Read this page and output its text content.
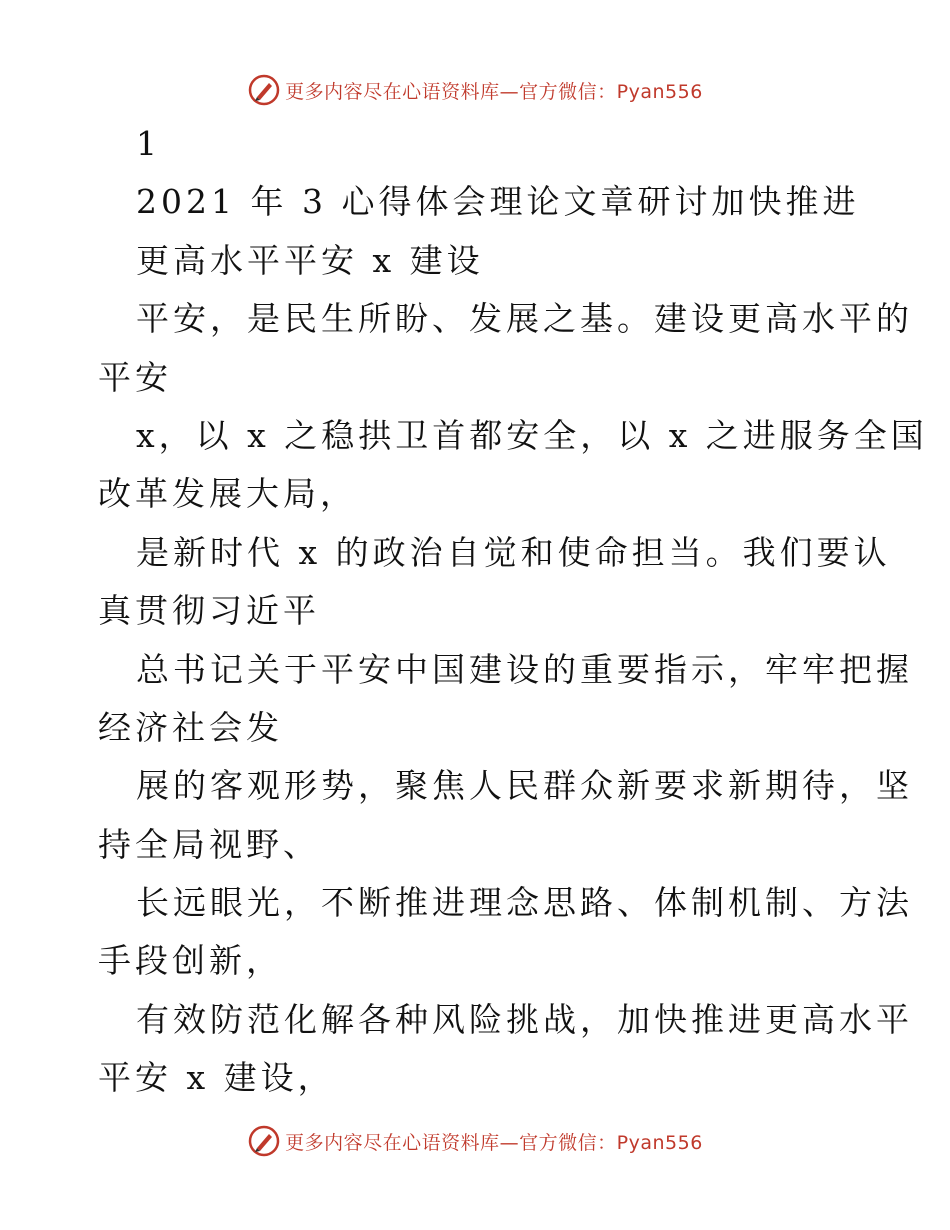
更多内容尽在心语资料库—官方微信：Pyan556
1
2021 年 3 心得体会理论文章研讨加快推进
更高水平平安 x 建设
平安，是民生所盼、发展之基。建设更高水平的
平安
x，以 x 之稳拱卫首都安全，以 x 之进服务全国
改革发展大局，
是新时代 x 的政治自觉和使命担当。我们要认
真贯彻习近平
总书记关于平安中国建设的重要指示，牢牢把握
经济社会发
展的客观形势，聚焦人民群众新要求新期待，坚
持全局视野、
长远眼光，不断推进理念思路、体制机制、方法
手段创新，
有效防范化解各种风险挑战，加快推进更高水平
平安 x 建设，
更多内容尽在心语资料库—官方微信：Pyan556
